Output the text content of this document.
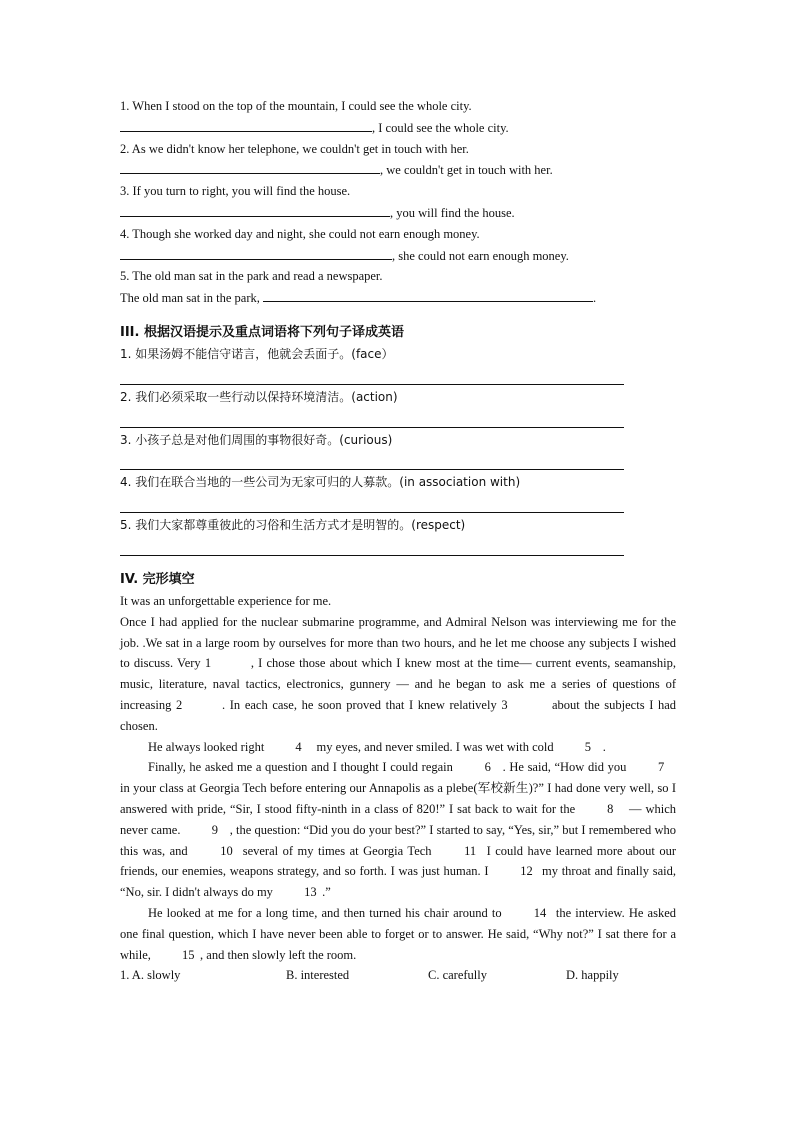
1. When I stood on the top of the mountain, I could see the whole city.
, I could see the whole city.
2. As we didn't know her telephone, we couldn't get in touch with her.
, we couldn't get in touch with her.
3. If you turn to right, you will find the house.
, you will find the house.
4. Though she worked day and night, she could not earn enough money.
, she could not earn enough money.
5. The old man sat in the park and read a newspaper.
The old man sat in the park,	.
III. 根据汉语提示及重点词语将下列句子译成英语
1. 如果汤姆不能信守诺言，他就会丢面子。(face）
2. 我们必须采取一些行动以保持环境清洁。(action)
3. 小孩子总是对他们周围的事物很好奇。(curious)
4. 我们在联合当地的一些公司为无家可归的人募款。(in association with)
5. 我们大家都尊重彼此的习俗和生活方式才是明智的。(respect)
IV. 完形填空
It was an unforgettable experience for me.
Once I had applied for the nuclear submarine programme, and Admiral Nelson was interviewing me for the job. .We sat in a large room by ourselves for more than two hours, and he let me choose any subjects I wished to discuss. Very 1	, I chose those about which I knew most at the time— current events, seamanship, music, literature, naval tactics, electronics, gunnery — and he began to ask me a series of questions of increasing 2	. In each case, he soon proved that I knew relatively 3	about the subjects I had chosen.
He always looked right 4 my eyes, and never smiled. I was wet with cold 5 .
Finally, he asked me a question and I thought I could regain	6 . He said, “How did you	7 in your class at Georgia Tech before entering our Annapolis as a plebe(军校新生)?” I had done very well, so I answered with pride, “Sir, I stood fifty-ninth in a class of 820!” I sat back to wait for the	8 — which never came. 9 , the question: “Did you do your best?” I started to say, “Yes, sir,” but I remembered who this was, and	10 several of my times at Georgia Tech	11 I could have learned more about our friends, our enemies, weapons strategy, and so forth. I was just human. I	12 my throat and finally said, “No, sir. I didn't always do my 13 .”
He looked at me for a long time, and then turned his chair around to	14 the interview. He asked one final question, which I have never been able to forget or to answer. He said, “Why not?” I sat there for a while, 15 , and then slowly left the room.
1. A. slowly	B. interested	C. carefully	D. happily
